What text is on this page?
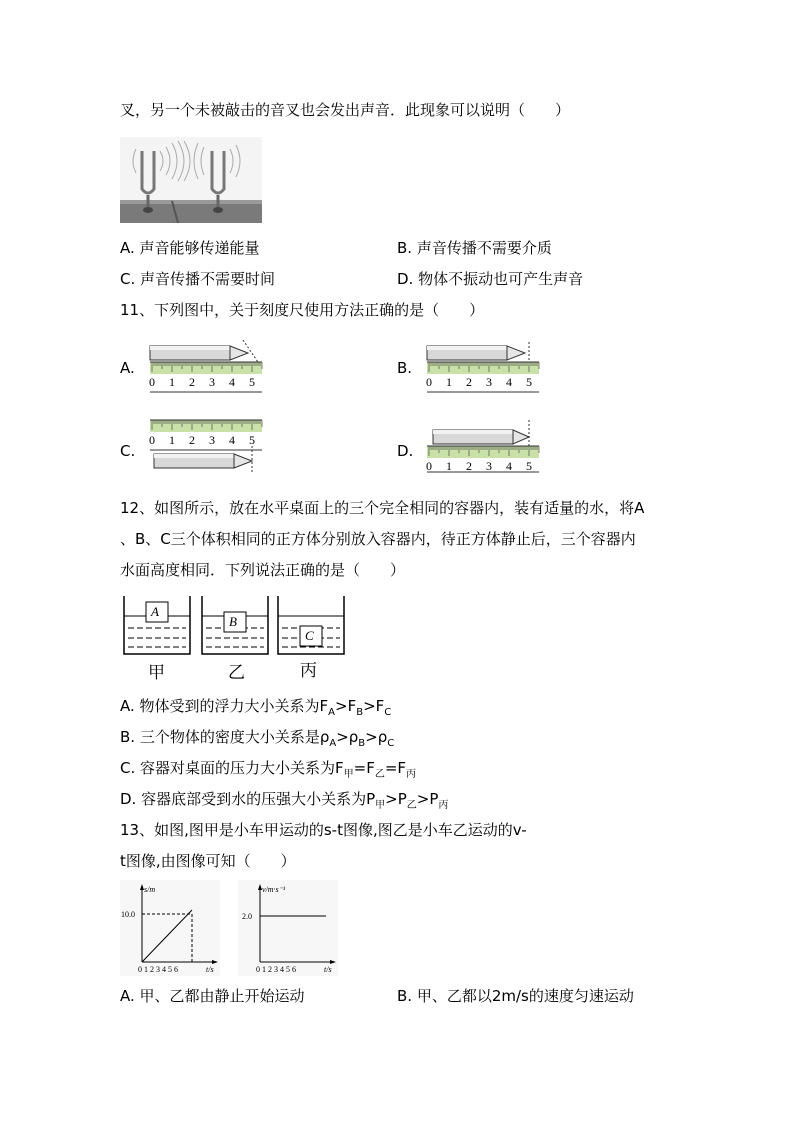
叉，另一个未被敲击的音叉也会发出声音．此现象可以说明（　　）
A. 声音能够传递能量	B. 声音传播不需要介质
C. 声音传播不需要时间	D. 物体不振动也可产生声音
11、下列图中，关于刻度尺使用方法正确的是（　　）
A.	B.
C.	D.
0 1 2 3 4 5	0 1 2 3 4 5
0 1 2 3 4 5
0 1 2 3 4 5
12、如图所示，放在水平桌面上的三个完全相同的容器内，装有适量的水，将A
、B、C三个体积相同的正方体分别放入容器内，待正方体静止后，三个容器内
水面高度相同．下列说法正确的是（　　）
A
B
C
甲	乙	丙
A. 物体受到的浮力大小关系为$F_A>F_B>F_C$
B. 三个物体的密度大小关系是$\rho_A>\rho_B>\rho_C$
C. 容器对桌面的压力大小关系为$F_甲=F_乙=F_丙$
D. 容器底部受到水的压强大小关系为$P_甲>P_乙>P_丙$
13、如图,图甲是小车甲运动的s-t图像,图乙是小车乙运动的v-
t图像,由图像可知（　　）
s/m
10.0
0 1 2 3 4 5 6	t/s
v/m·s⁻¹
2.0
0 1 2 3 4 5 6	t/s
A. 甲、乙都由静止开始运动	B. 甲、乙都以2m/s的速度匀速运动
